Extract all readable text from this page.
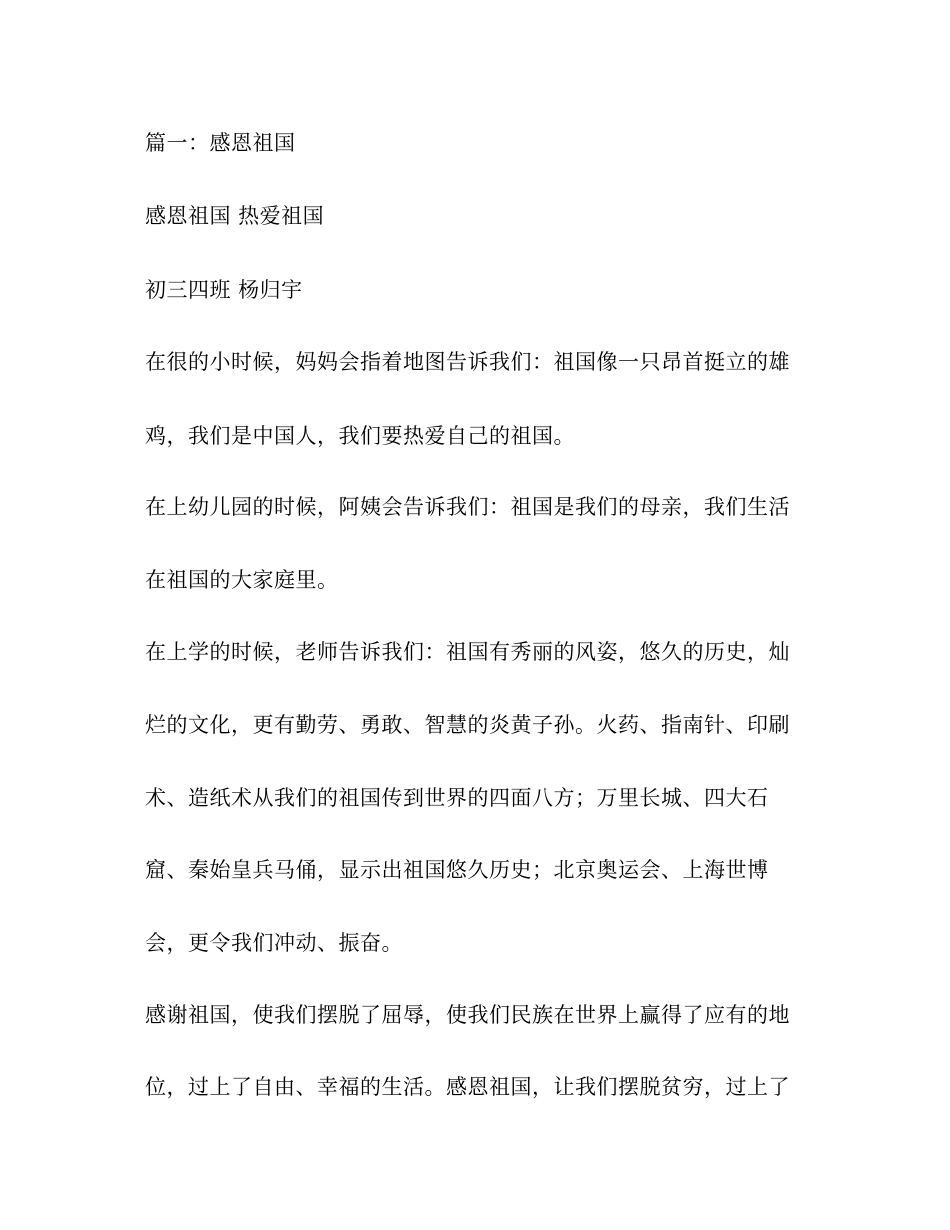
篇一：感恩祖国
感恩祖国 热爱祖国
初三四班 杨归宇
在很的小时候，妈妈会指着地图告诉我们：祖国像一只昂首挺立的雄
鸡，我们是中国人，我们要热爱自己的祖国。
在上幼儿园的时候，阿姨会告诉我们：祖国是我们的母亲，我们生活
在祖国的大家庭里。
在上学的时候，老师告诉我们：祖国有秀丽的风姿，悠久的历史，灿
烂的文化，更有勤劳、勇敢、智慧的炎黄子孙。火药、指南针、印刷
术、造纸术从我们的祖国传到世界的四面八方；万里长城、四大石
窟、秦始皇兵马俑，显示出祖国悠久历史；北京奥运会、上海世博
会，更令我们冲动、振奋。
感谢祖国，使我们摆脱了屈辱，使我们民族在世界上赢得了应有的地
位，过上了自由、幸福的生活。感恩祖国，让我们摆脱贫穷，过上了
